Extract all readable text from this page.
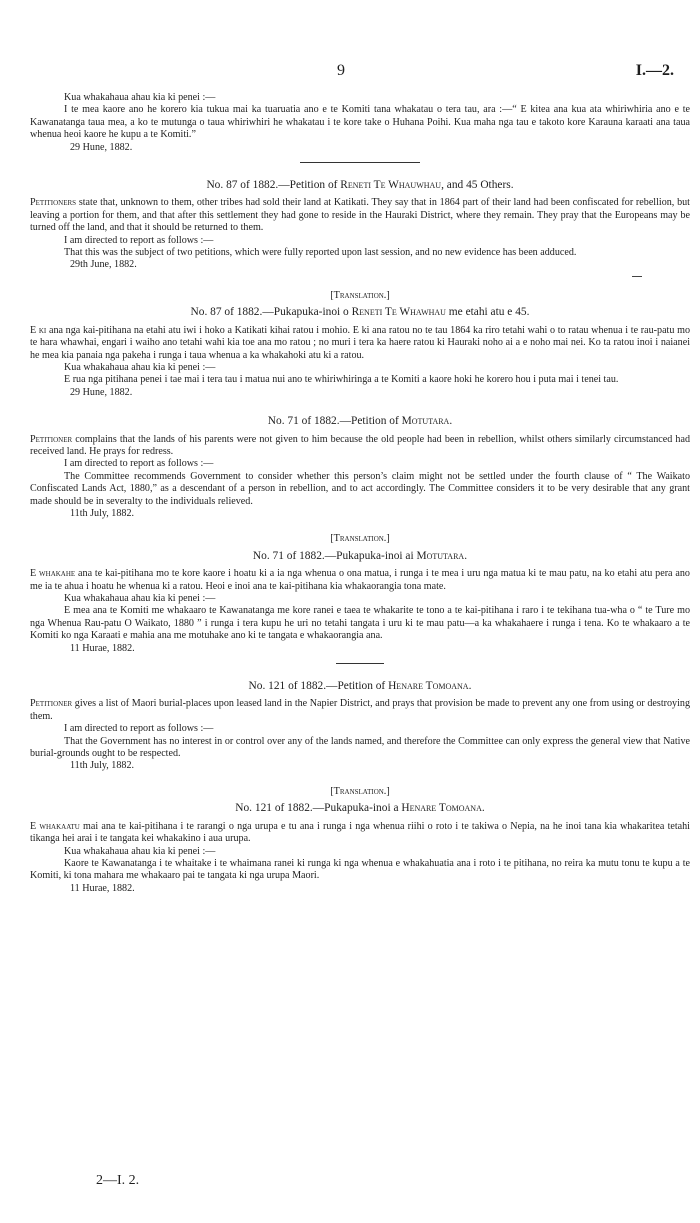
9	I.—2.

Kua whakahaua ahau kia ki penei :—

I te mea kaore ano he korero kia tukua mai ka tuaruatia ano e te Komiti tana whakatau o tera tau, ara :—“ E kitea ana kua ata whiriwhiria ano e te Kawanatanga taua mea, a ko te mutunga o taua whiriwhiri he whakatau i te kore take o Huhana Poihi. Kua maha nga tau e takoto kore Karauna karaati ana taua whenua heoi kaore he kupu a te Komiti.”

29 Hune, 1882.

No. 87 of 1882.—Petition of Reneti Te Whauwhau, and 45 Others.

Petitioners state that, unknown to them, other tribes had sold their land at Katikati. They say that in 1864 part of their land had been confiscated for rebellion, but leaving a portion for them, and that after this settlement they had gone to reside in the Hauraki District, where they remain. They pray that the Europeans may be turned off the land, and that it should be returned to them.

I am directed to report as follows :—

That this was the subject of two petitions, which were fully reported upon last session, and no new evidence has been adduced.

29th June, 1882.

[Translation.]

No. 87 of 1882.—Pukapuka-inoi o Reneti Te Whawhau me etahi atu e 45.

E ki ana nga kai-pitihana na etahi atu iwi i hoko a Katikati kihai ratou i mohio. E ki ana ratou no te tau 1864 ka riro tetahi wahi o to ratau whenua i te rau-patu mo te hara whawhai, engari i waiho ano tetahi wahi kia toe ana mo ratou ; no muri i tera ka haere ratou ki Hauraki noho ai a e noho mai nei. Ko ta ratou inoi i naianei he mea kia panaia nga pakeha i runga i taua whenua a ka whakahoki atu ki a ratou.

Kua whakahaua ahau kia ki penei :—

E rua nga pitihana penei i tae mai i tera tau i matua nui ano te whiriwhiringa a te Komiti a kaore hoki he korero hou i puta mai i tenei tau.

29 Hune, 1882.

No. 71 of 1882.—Petition of Motutara.

Petitioner complains that the lands of his parents were not given to him because the old people had been in rebellion, whilst others similarly circumstanced had received land. He prays for redress.

I am directed to report as follows :—

The Committee recommends Government to consider whether this person’s claim might not be settled under the fourth clause of “ The Waikato Confiscated Lands Act, 1880,” as a descendant of a person in rebellion, and to act accordingly. The Committee considers it to be very desirable that any grant made should be in severalty to the individuals relieved.

11th July, 1882.

[Translation.]

No. 71 of 1882.—Pukapuka-inoi ai Motutara.

E whakahe ana te kai-pitihana mo te kore kaore i hoatu ki a ia nga whenua o ona matua, i runga i te mea i uru nga matua ki te mau patu, na ko etahi atu pera ano me ia te ahua i hoatu he whenua ki a ratou. Heoi e inoi ana te kai-pitihana kia whakaorangia tona mate.

Kua whakahaua ahau kia ki penei :—

E mea ana te Komiti me whakaaro te Kawanatanga me kore ranei e taea te whakarite te tono a te kai-pitihana i raro i te tekihana tua-wha o “ te Ture mo nga Whenua Rau-patu O Waikato, 1880 ” i runga i tera kupu he uri no tetahi tangata i uru ki te mau patu—a ka whakahaere i runga i tena. Ko te whakaaro a te Komiti ko nga Karaati e mahia ana me motuhake ano ki te tangata e whakaorangia ana.

11 Hurae, 1882.

No. 121 of 1882.—Petition of Henare Tomoana.

Petitioner gives a list of Maori burial-places upon leased land in the Napier District, and prays that provision be made to prevent any one from using or destroying them.

I am directed to report as follows :—

That the Government has no interest in or control over any of the lands named, and therefore the Committee can only express the general view that Native burial-grounds ought to be respected.

11th July, 1882.

[Translation.]

No. 121 of 1882.—Pukapuka-inoi a Henare Tomoana.

E whakaatu mai ana te kai-pitihana i te rarangi o nga urupa e tu ana i runga i nga whenua riihi o roto i te takiwa o Nepia, na he inoi tana kia whakaritea tetahi tikanga hei arai i te tangata kei whakakino i aua urupa.

Kua whakahaua ahau kia ki penei :—

Kaore te Kawanatanga i te whaitake i te whaimana ranei ki runga ki nga whenua e whakahuatia ana i roto i te pitihana, no reira ka mutu tonu te kupu a te Komiti, ki tona mahara me whakaaro pai te tangata ki nga urupa Maori.

11 Hurae, 1882.

2—I. 2.
